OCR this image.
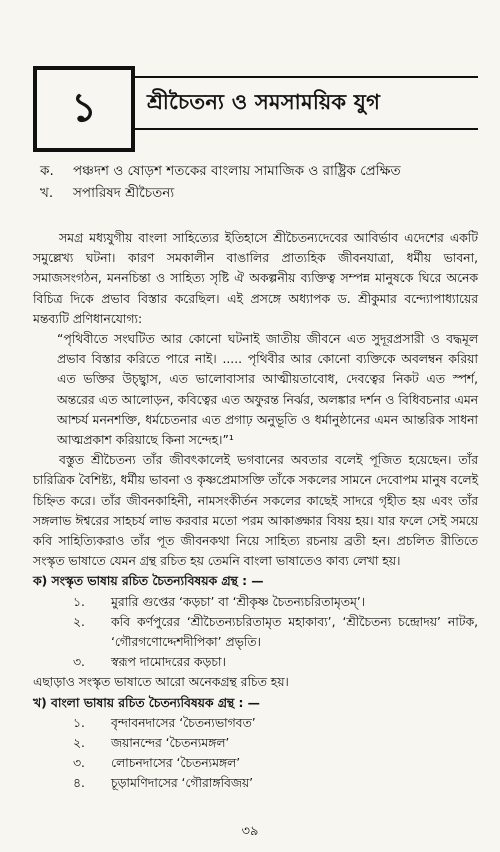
১ শ্রীচৈতন্য ও সমসাময়িক যুগ
ক.	পঞ্চদশ ও ষোড়শ শতকের বাংলায় সামাজিক ও রাষ্ট্রিক প্রেক্ষিত
খ.	সপারিষদ শ্রীচৈতন্য

সমগ্র মধ্যযুগীয় বাংলা সাহিত্যের ইতিহাসে শ্রীচৈতন্যদেবের আবির্ভাব এদেশের একটি সমুল্লেখ্য ঘটনা। কারণ সমকালীন বাঙালির প্রাত্যহিক জীবনযাত্রা, ধর্মীয় ভাবনা, সমাজসংগঠন, মননচিন্তা ও সাহিত্য সৃষ্টি ঐ অকল্পনীয় ব্যক্তিত্ব সম্পন্ন মানুষকে ঘিরে অনেক বিচিত্র দিকে প্রভাব বিস্তার করেছিল। এই প্রসঙ্গে অধ্যাপক ড. শ্রীকুমার বন্দ্যোপাধ্যায়ের মন্তব্যটি প্রণিধানযোগ্য:

“পৃথিবীতে সংঘটিত আর কোনো ঘটনাই জাতীয় জীবনে এত সুদূরপ্রসারী ও বদ্ধমূল প্রভাব বিস্তার করিতে পারে নাই। ..... পৃথিবীর আর কোনো ব্যক্তিকে অবলম্বন করিয়া এত ভক্তির উচ্ছ্বাস, এত ভালোবাসার আত্মীয়তাবোধ, দেবত্বের নিকট এত স্পর্শ, অন্তরের এত আলোড়ন, কবিত্বের এত অফুরন্ত নির্ঝর, অলঙ্কার দর্শন ও বিধিবচনার এমন আশ্চর্য মননশক্তি, ধর্মচেতনার এত প্রগাঢ় অনুভূতি ও ধর্মানুষ্ঠানের এমন আন্তরিক সাধনা আত্মপ্রকাশ করিয়াছে কিনা সন্দেহ।”¹

বস্তুত শ্রীচৈতন্য তাঁর জীবৎকালেই ভগবানের অবতার বলেই পূজিত হয়েছেন। তাঁর চারিত্রিক বৈশিষ্ট্য, ধর্মীয় ভাবনা ও কৃষ্ণপ্রেমাসক্তি তাঁকে সকলের সামনে দেবোপম মানুষ বলেই চিহ্নিত করে। তাঁর জীবনকাহিনী, নামসংকীর্তন সকলের কাছেই সাদরে গৃহীত হয় এবং তাঁর সঙ্গলাভ ঈশ্বরের সাহচর্য লাভ করবার মতো পরম আকাঙ্ক্ষার বিষয় হয়। যার ফলে সেই সময়ে কবি সাহিত্যিকরাও তাঁর পূত জীবনকথা নিয়ে সাহিত্য রচনায় ব্রতী হন। প্রচলিত রীতিতে সংস্কৃত ভাষাতে যেমন গ্রন্থ রচিত হয় তেমনি বাংলা ভাষাতেও কাব্য লেখা হয়।

ক) সংস্কৃত ভাষায় রচিত চৈতন্যবিষয়ক গ্রন্থ : —

১.	মুরারি গুপ্তের ‘কড়চা’ বা ‘শ্রীকৃষ্ণ চৈতন্যচরিতামৃতম্’।
২.	কবি কর্ণপুরের ‘শ্রীচৈতন্যচরিতামৃত মহাকাব্য’, ‘শ্রীচৈতন্য চন্দ্রোদয়’ নাটক, ‘গৌরগণোদ্দেশদীপিকা’ প্রভৃতি।
৩.	স্বরূপ দামোদরের কড়চা।

এছাড়াও সংস্কৃত ভাষাতে আরো অনেকগ্রন্থ রচিত হয়।

খ) বাংলা ভাষায় রচিত চৈতন্যবিষয়ক গ্রন্থ : —

১.	বৃন্দাবনদাসের ‘চৈতন্যভাগবত’
২.	জয়ানন্দের ‘চৈতন্যমঙ্গল’
৩.	লোচনদাসের ‘চৈতন্যমঙ্গল’
৪.	চূড়ামণিদাসের ‘গৌরাঙ্গবিজয়’
৩৯
